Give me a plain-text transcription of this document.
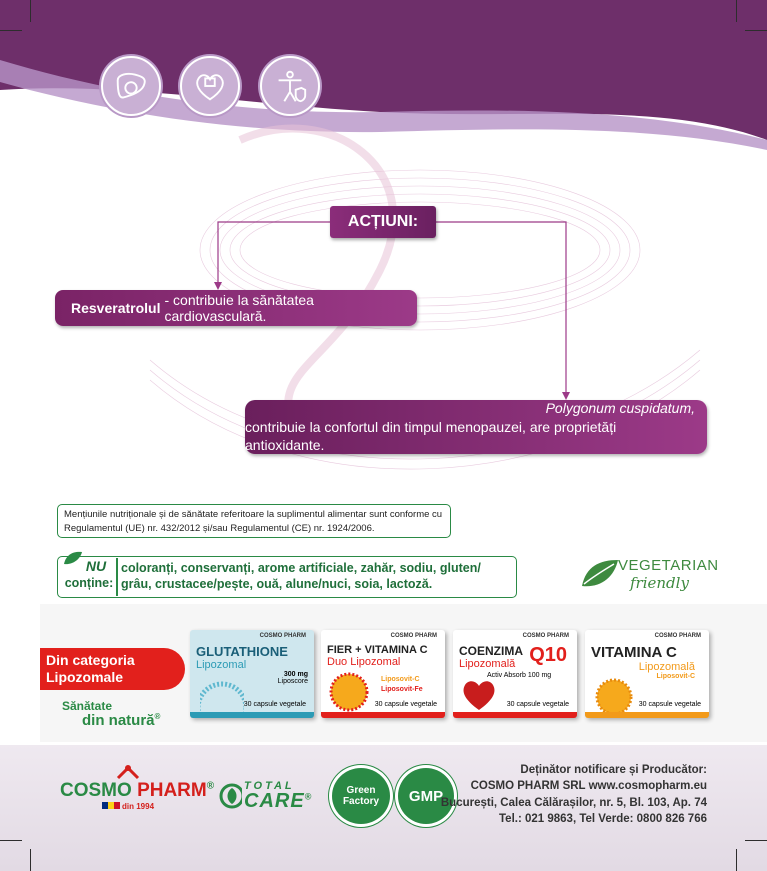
ACȚIUNI:
Resveratrolul - contribuie la sănătatea cardiovasculară.
Polygonum cuspidatum,
contribuie la confortul din timpul menopauzei, are proprietăți antioxidante.
Mențiunile nutriționale și de sănătate referitoare la suplimentul alimentar sunt conforme cu
Regulamentul (UE) nr. 432/2012 și/sau Regulamentul (CE) nr. 1924/2006.
NU
conține:
coloranți, conservanți, arome artificiale, zahăr, sodiu, gluten/
grâu, crustacee/pește, ouă, alune/nuci, soia, lactoză.
VEGETARIAN
friendly
Din categoria
Lipozomale
Sănătate
din natură®
COSMO PHARM
GLUTATHIONE
Lipozomal
300 mg
Liposcore
30 capsule vegetale
COSMO PHARM
FIER + VITAMINA C
Duo Lipozomal
Liposovit-C
Liposovit-Fe
30 capsule vegetale
COSMO PHARM
COENZIMA
Lipozomală Q10
Activ Absorb 100 mg
30 capsule vegetale
COSMO PHARM
VITAMINA C
Lipozomală
Liposovit-C
30 capsule vegetale
COSMO PHARM®
din 1994
TOTAL
CARE®
Green Factory	GMP
Deținător notificare și Producător:
COSMO PHARM SRL www.cosmopharm.eu
București, Calea Călărașilor, nr. 5, Bl. 103, Ap. 74
Tel.: 021 9863, Tel Verde: 0800 826 766
